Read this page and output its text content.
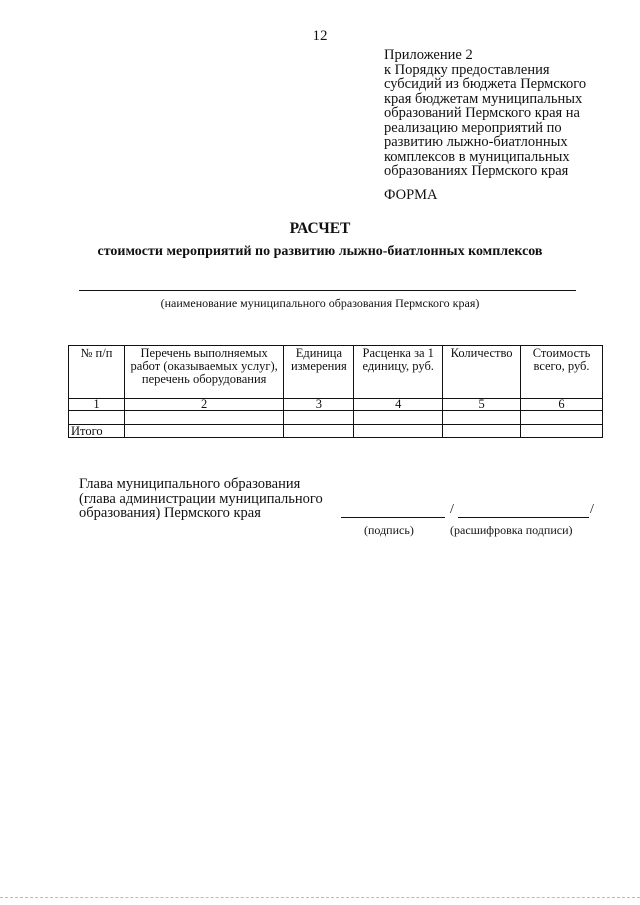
12
Приложение 2
к Порядку предоставления
субсидий из бюджета Пермского
края бюджетам муниципальных
образований Пермского края на
реализацию мероприятий по
развитию лыжно-биатлонных
комплексов в муниципальных
образованиях Пермского края
ФОРМА
РАСЧЕТ
стоимости мероприятий по развитию лыжно-биатлонных комплексов
(наименование муниципального образования Пермского края)
№ п/п	Перечень выполняемых работ (оказываемых услуг), перечень оборудования	Единица измерения	Расценка за 1 единицу, руб.	Количество	Стоимость всего, руб.
1	2	3	4	5	6

Итого					
Глава муниципального образования
(глава администрации муниципального
образования) Пермского края	/	/
(подпись)	(расшифровка подписи)
